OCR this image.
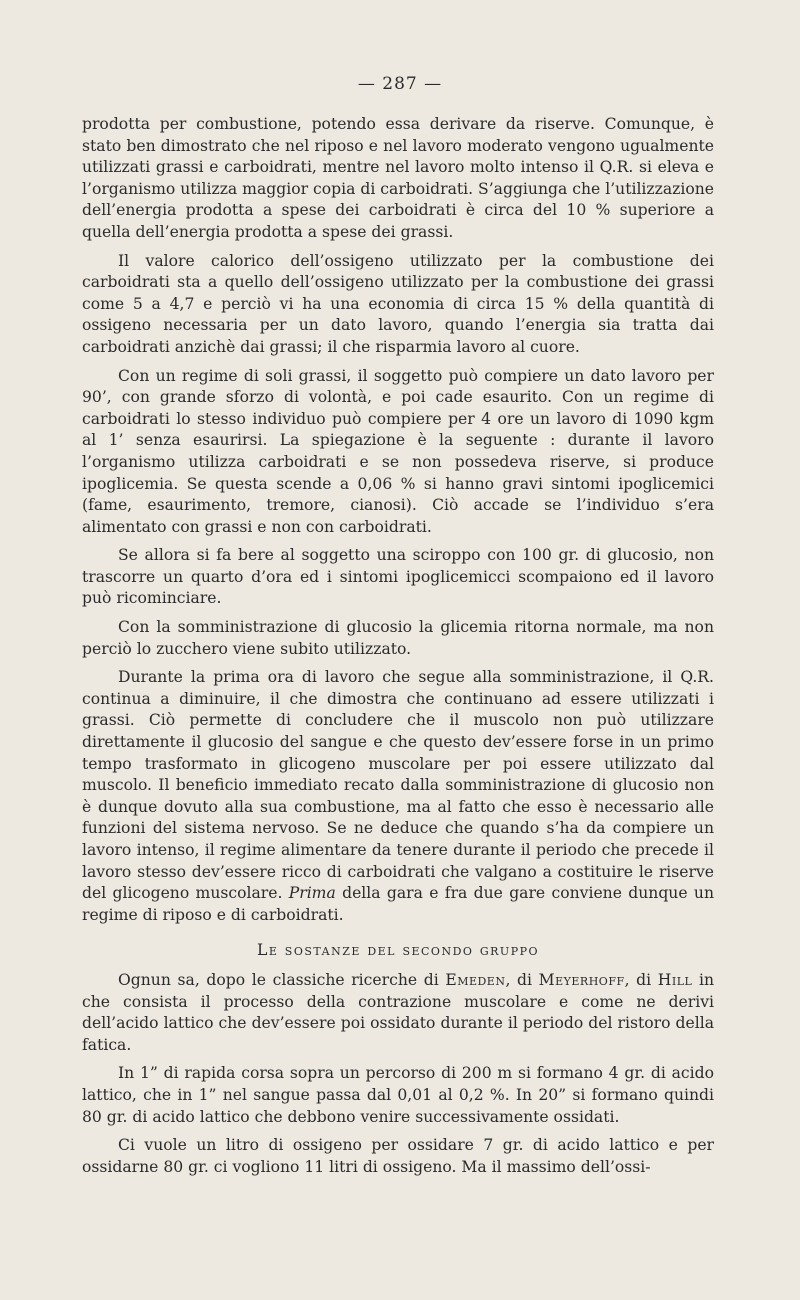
— 287 —

prodotta per combustione, potendo essa derivare da riserve. Comunque, è stato ben dimostrato che nel riposo e nel lavoro moderato vengono ugualmente utilizzati grassi e carboidrati, mentre nel lavoro molto intenso il Q.R. si eleva e l’organismo utilizza maggior copia di carboidrati. S’aggiunga che l’utilizzazione dell’energia prodotta a spese dei carboidrati è circa del 10 % superiore a quella dell’energia prodotta a spese dei grassi.

Il valore calorico dell’ossigeno utilizzato per la combustione dei carboidrati sta a quello dell’ossigeno utilizzato per la combustione dei grassi come 5 a 4,7 e perciò vi ha una economia di circa 15 % della quantità di ossigeno necessaria per un dato lavoro, quando l’energia sia tratta dai carboidrati anzichè dai grassi; il che risparmia lavoro al cuore.

Con un regime di soli grassi, il soggetto può compiere un dato lavoro per 90’, con grande sforzo di volontà, e poi cade esaurito. Con un regime di carboidrati lo stesso individuo può compiere per 4 ore un lavoro di 1090 kgm al 1’ senza esaurirsi. La spiegazione è la seguente : durante il lavoro l’organismo utilizza carboidrati e se non possedeva riserve, si produce ipoglicemia. Se questa scende a 0,06 % si hanno gravi sintomi ipoglicemici (fame, esaurimento, tremore, cianosi). Ciò accade se l’individuo s’era alimentato con grassi e non con carboidrati.

Se allora si fa bere al soggetto una sciroppo con 100 gr. di glucosio, non trascorre un quarto d’ora ed i sintomi ipoglicemicci scompaiono ed il lavoro può ricominciare.

Con la somministrazione di glucosio la glicemia ritorna normale, ma non perciò lo zucchero viene subito utilizzato.

Durante la prima ora di lavoro che segue alla somministrazione, il Q.R. continua a diminuire, il che dimostra che continuano ad essere utilizzati i grassi. Ciò permette di concludere che il muscolo non può utilizzare direttamente il glucosio del sangue e che questo dev’essere forse in un primo tempo trasformato in glicogeno muscolare per poi essere utilizzato dal muscolo. Il beneficio immediato recato dalla somministrazione di glucosio non è dunque dovuto alla sua combustione, ma al fatto che esso è necessario alle funzioni del sistema nervoso. Se ne deduce che quando s’ha da compiere un lavoro intenso, il regime alimentare da tenere durante il periodo che precede il lavoro stesso dev’essere ricco di carboidrati che valgano a costituire le riserve del glicogeno muscolare. Prima della gara e fra due gare conviene dunque un regime di riposo e di carboidrati.

Le sostanze del secondo gruppo

Ognun sa, dopo le classiche ricerche di Emeden, di Meyerhoff, di Hill in che consista il processo della contrazione muscolare e come ne derivi dell’acido lattico che dev’essere poi ossidato durante il periodo del ristoro della fatica.

In 1” di rapida corsa sopra un percorso di 200 m si formano 4 gr. di acido lattico, che in 1” nel sangue passa dal 0,01 al 0,2 %. In 20” si formano quindi 80 gr. di acido lattico che debbono venire successivamente ossidati.

Ci vuole un litro di ossigeno per ossidare 7 gr. di acido lattico e per ossidarne 80 gr. ci vogliono 11 litri di ossigeno. Ma il massimo dell’ossi-
